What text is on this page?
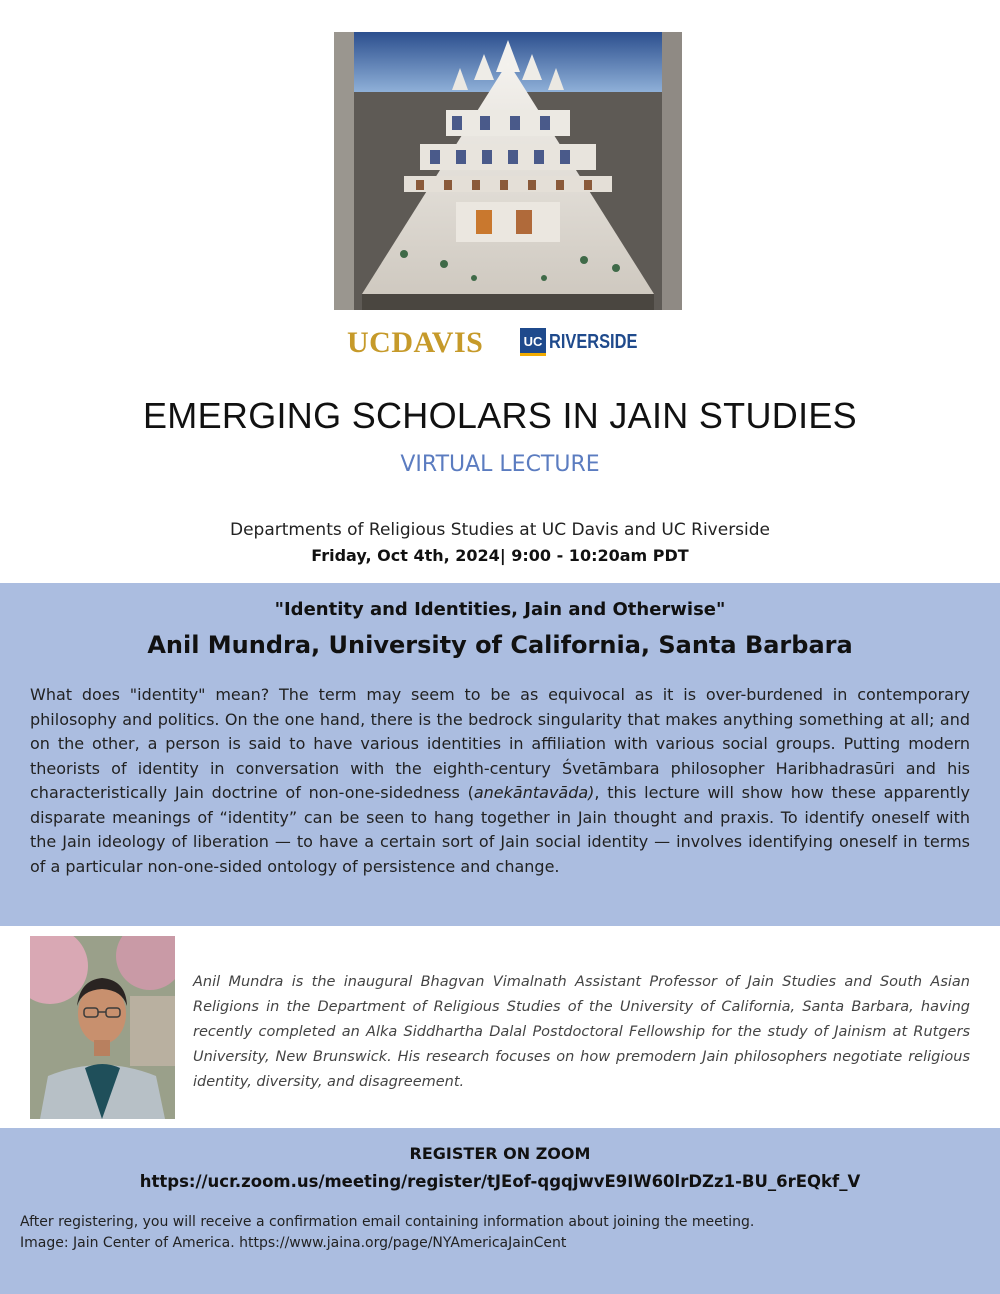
UCDAVIS	UC RIVERSIDE
EMERGING SCHOLARS IN JAIN STUDIES
VIRTUAL LECTURE
Departments of Religious Studies at UC Davis and UC Riverside
Friday, Oct 4th, 2024| 9:00 - 10:20am PDT
"Identity and Identities, Jain and Otherwise"
Anil Mundra, University of California, Santa Barbara

What does "identity" mean? The term may seem to be as equivocal as it is over-burdened in contemporary philosophy and politics. On the one hand, there is the bedrock singularity that makes anything something at all; and on the other, a person is said to have various identities in affiliation with various social groups. Putting modern theorists of identity in conversation with the eighth-century Śvetāmbara philosopher Haribhadrasūri and his characteristically Jain doctrine of non-one-sidedness (anekāntavāda), this lecture will show how these apparently disparate meanings of “identity” can be seen to hang together in Jain thought and praxis. To identify oneself with the Jain ideology of liberation — to have a certain sort of Jain social identity — involves identifying oneself in terms of a particular non-one-sided ontology of persistence and change.

Anil Mundra is the inaugural Bhagvan Vimalnath Assistant Professor of Jain Studies and South Asian Religions in the Department of Religious Studies of the University of California, Santa Barbara, having recently completed an Alka Siddhartha Dalal Postdoctoral Fellowship for the study of Jainism at Rutgers University, New Brunswick. His research focuses on how premodern Jain philosophers negotiate religious identity, diversity, and disagreement.

REGISTER ON ZOOM
https://ucr.zoom.us/meeting/register/tJEof-qgqjwvE9IW60lrDZz1-BU_6rEQkf_V

After registering, you will receive a confirmation email containing information about joining the meeting.
Image: Jain Center of America. https://www.jaina.org/page/NYAmericaJainCent
